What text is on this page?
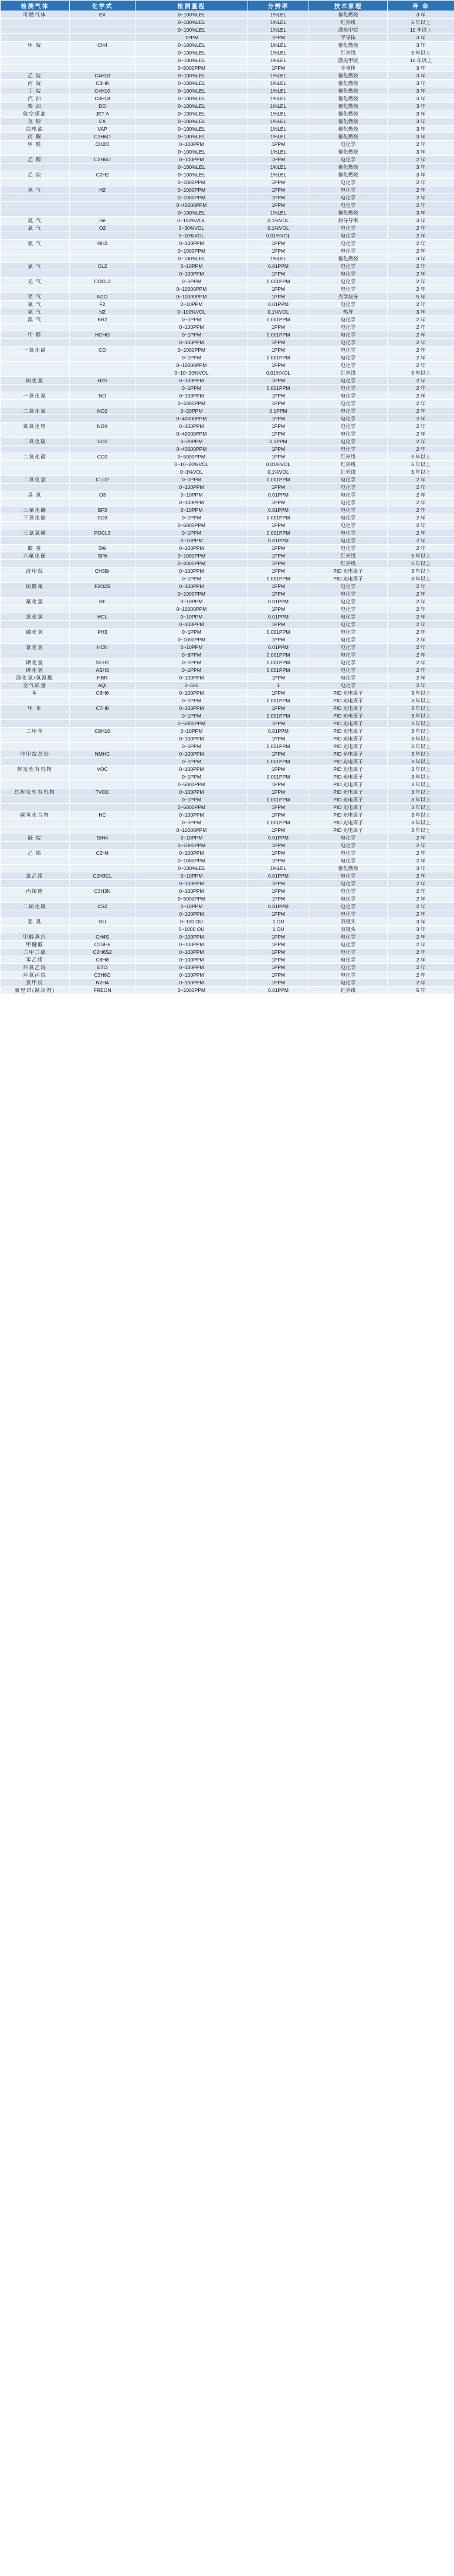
检测气体	化学式	检测量程	分辨率	技术原理	寿 命
可燃气体	EX	0~100%LEL	1%LEL	催化燃烧	3 年
		0~100%LEL	1%LEL	红外线	5 年以上
		0~100%LEL	1%LEL	激光甲烷	10 年以上
		1PPM	1PPM	半导体	3 年
甲 烷	CH4	0~100%LEL	1%LEL	催化燃烧	3 年
		0~100%LEL	1%LEL	红外线	5 年以上
		0~100%LEL	1%LEL	激光甲烷	10 年以上
		0~5000PPM	1PPM	半导体	3 年
乙 烷	C4H10	0~100%LEL	1%LEL	催化燃烧	3 年
丙 烷	C3H8	0~100%LEL	1%LEL	催化燃烧	3 年
丁 烷	C4H10	0~100%LEL	1%LEL	催化燃烧	3 年
汽 油	C8H18	0~100%LEL	1%LEL	催化燃烧	3 年
柴 油	DO	0~100%LEL	1%LEL	催化燃烧	3 年
航空煤油	JET A	0~100%LEL	1%LEL	催化燃烧	3 年
瓦 斯	EX	0~100%LEL	1%LEL	催化燃烧	3 年
白电油	VAP	0~100%LEL	1%LEL	催化燃烧	3 年
丙 酮	C3H6O	0~100%LEL	1%LEL	催化燃烧	3 年
甲 醛	CH2O	0~100PPM	1PPM	电化学	2 年
		0~100%LEL	1%LEL	催化燃烧	3 年
乙 醇	C2H6O	0~100PPM	1PPM	电化学	2 年
		0~100%LEL	1%LEL	催化燃烧	3 年
乙 炔	C2H2	0~100%LEL	1%LEL	催化燃烧	3 年
		0~1000PPM	1PPM	电化学	2 年
氢 气	H2	0~1000PPM	1PPM	电化学	2 年
		0~1000PPM	1PPM	电化学	2 年
		0~40000PPM	1PPM	电化学	2 年
		0~100%LEL	1%LEL	催化燃烧	3 年
氦 气	He	0~100%VOL	0.1%VOL	热导导率	3 年
氧 气	O2	0~30%VOL	0.1%VOL	电化学	2 年
		0~10%VOL	0.01%VOL	电化学	2 年
氨 气	NH3	0~100PPM	1PPM	电化学	2 年
		0~1000PPM	1PPM	电化学	2 年
		0~100%LEL	1%LEL	催化燃烧	3 年
氯 气	CL2	0~10PPM	0.01PPM	电化学	2 年
		0~100PPM	1PPM	电化学	2 年
光 气	COCL2	0~1PPM	0.001PPM	电化学	2 年
		0~10000PPM	1PPM	电化学	2 年
笑 气	N2O	0~10000PPM	1PPM	光学波导	5 年
氟 气	F2	0~10PPM	0.01PPM	电化学	2 年
氮 气	N2	0~100%VOL	0.1%VOL	热导	3 年
溴 气	BR2	0~1PPM	0.001PPM	电化学	2 年
		0~100PPM	1PPM	电化学	2 年
甲 醛	HCHO	0~1PPM	0.001PPM	电化学	2 年
		0~100PPM	1PPM	电化学	2 年
一氧化碳	CO	0~1000PPM	1PPM	电化学	2 年
		0~1PPM	0.001PPM	电化学	2 年
		0~10000PPM	1PPM	电化学	2 年
		0~10~20%VOL	0.01%VOL	红外线	5 年以上
硫化氢	H2S	0~100PPM	1PPM	电化学	2 年
		0~1PPM	0.001PPM	电化学	2 年
一氧化氮	NO	0~100PPM	1PPM	电化学	2 年
		0~1000PPM	1PPM	电化学	2 年
二氧化氮	NO2	0~20PPM	0.1PPM	电化学	2 年
		0~40000PPM	1PPM	电化学	2 年
氮氧化物	NOX	0~100PPM	1PPM	电化学	2 年
		0~40000PPM	1PPM	电化学	2 年
二氧化硫	SO2	0~20PPM	0.1PPM	电化学	2 年
		0~40000PPM	1PPM	电化学	2 年
二氧化碳	CO2	0~5000PPM	1PPM	红外线	5 年以上
		0~10~20%VOL	0.01%VOL	红外线	6 年以上
		0~1%VOL	0.1%VOL	红外线	5 年以上
二氧化氯	CLO2	0~1PPM	0.001PPM	电化学	2 年
		0~100PPM	1PPM	电化学	2 年
臭 氧	O3	0~10PPM	0.01PPM	电化学	2 年
		0~100PPM	1PPM	电化学	2 年
三氟化硼	BF3	0~10PPM	0.01PPM	电化学	2 年
三氧化硫	SO3	0~1PPM	0.001PPM	电化学	2 年
		0~5000PPM	1PPM	电化学	2 年
三氯氧磷	POCL3	0~1PPM	0.001PPM	电化学	2 年
		0~10PPM	0.01PPM	电化学	2 年
酸 雾	SW	0~100PPM	1PPM	电化学	2 年
六氟化硫	SF6	0~1000PPM	1PPM	红外线	5 年以上
		0~2000PPM	1PPM	红外线	5 年以上
溴甲烷	CH3Br	0~100PPM	1PPM	PID 光电离子	3 年以上
		0~1PPM	0.001PPM	PID 光电离子	3 年以上
硫酰氟	F2O2S	0~100PPM	1PPM	电化学	2 年
		0~1000PPM	1PPM	电化学	2 年
氟化氢	HF	0~10PPM	0.01PPM	电化学	2 年
		0~10000PPM	1PPM	电化学	2 年
氯化氢	HCL	0~10PPM	0.01PPM	电化学	2 年
		0~100PPM	1PPM	电化学	2 年
磷化氢	PH3	0~1PPM	0.001PPM	电化学	2 年
		0~1000PPM	1PPM	电化学	2 年
氰化氢	HCN	0~10PPM	0.01PPM	电化学	2 年
		0~6PPM	0.001PPM	电化学	2 年
硒化氢	SEH2	0~1PPM	0.001PPM	电化学	2 年
砷化氢	ASH3	0~1PPM	0.001PPM	电化学	2 年
溴化氢/氢溴酸	HBR	0~100PPM	1PPM	电化学	2 年
空气质量	AQI	0~500	1	电化学	2 年
苯	C6H6	0~100PPM	1PPM	PID 光电离子	3 年以上
		0~1PPM	0.001PPM	PID 光电离子	3 年以上
甲 苯	C7H8	0~100PPM	1PPM	PID 光电离子	3 年以上
		0~1PPM	0.001PPM	PID 光电离子	3 年以上
		0~5000PPM	1PPM	PID 光电离子	3 年以上
二甲苯	C8H10	0~10PPM	0.01PPM	PID 光电离子	3 年以上
		0~100PPM	1PPM	PID 光电离子	3 年以上
		0~1PPM	0.001PPM	PID 光电离子	3 年以上
非甲烷总烃	NMHC	0~100PPM	1PPM	PID 光电离子	3 年以上
		0~1PPM	0.001PPM	PID 光电离子	3 年以上
挥发性有机物	VOC	0~100PPM	1PPM	PID 光电离子	3 年以上
		0~1PPM	0.001PPM	PID 光电离子	3 年以上
		0~5000PPM	1PPM	PID 光电离子	3 年以上
总挥发性有机物	TVOC	0~100PPM	1PPM	PID 光电离子	3 年以上
		0~1PPM	0.001PPM	PID 光电离子	3 年以上
		0~5000PPM	1PPM	PID 光电离子	3 年以上
碳氢化合物	HC	0~100PPM	1PPM	PID 光电离子	3 年以上
		0~1PPM	0.001PPM	PID 光电离子	3 年以上
		0~10000PPM	1PPM	PID 光电离子	3 年以上
硅 烷	SIH4	0~10PPM	0.01PPM	电化学	2 年
		0~1000PPM	1PPM	电化学	2 年
乙 烯	C2H4	0~100PPM	1PPM	电化学	2 年
		0~1000PPM	1PPM	电化学	2 年
		0~100%LEL	1%LEL	催化燃烧	3 年
氯乙烯	C2H3CL	0~10PPM	0.01PPM	电化学	2 年
		0~100PPM	1PPM	电化学	2 年
丙烯腈	C3H3N	0~100PPM	1PPM	电化学	2 年
		0~5000PPM	1PPM	电化学	2 年
二硫化碳	CS2	0~10PPM	0.01PPM	电化学	2 年
		0~100PPM	1PPM	电化学	2 年
恶 臭	OU	0~100 OU	1 OU	双极头	3 年
		0~1000 OU	1 OU	双极头	3 年
甲醇蒸汽	CH4S	0~100PPM	1PPM	电化学	2 年
甲醚醇	C2SH6	0~100PPM	1PPM	电化学	2 年
二甲二硫	C2H6S2	0~100PPM	1PPM	电化学	2 年
苯乙烯	C8H8	0~100PPM	1PPM	电化学	2 年
环氧乙烷	ETO	0~100PPM	1PPM	电化学	2 年
环氧丙烷	C3H6O	0~100PPM	1PPM	电化学	2 年
氯甲烷	N2H4	0~100PPM	1PPM	电化学	2 年
氟里昂(制冷剂)	FREON	0~1000PPM	0.01PPM	红外线	5 年
